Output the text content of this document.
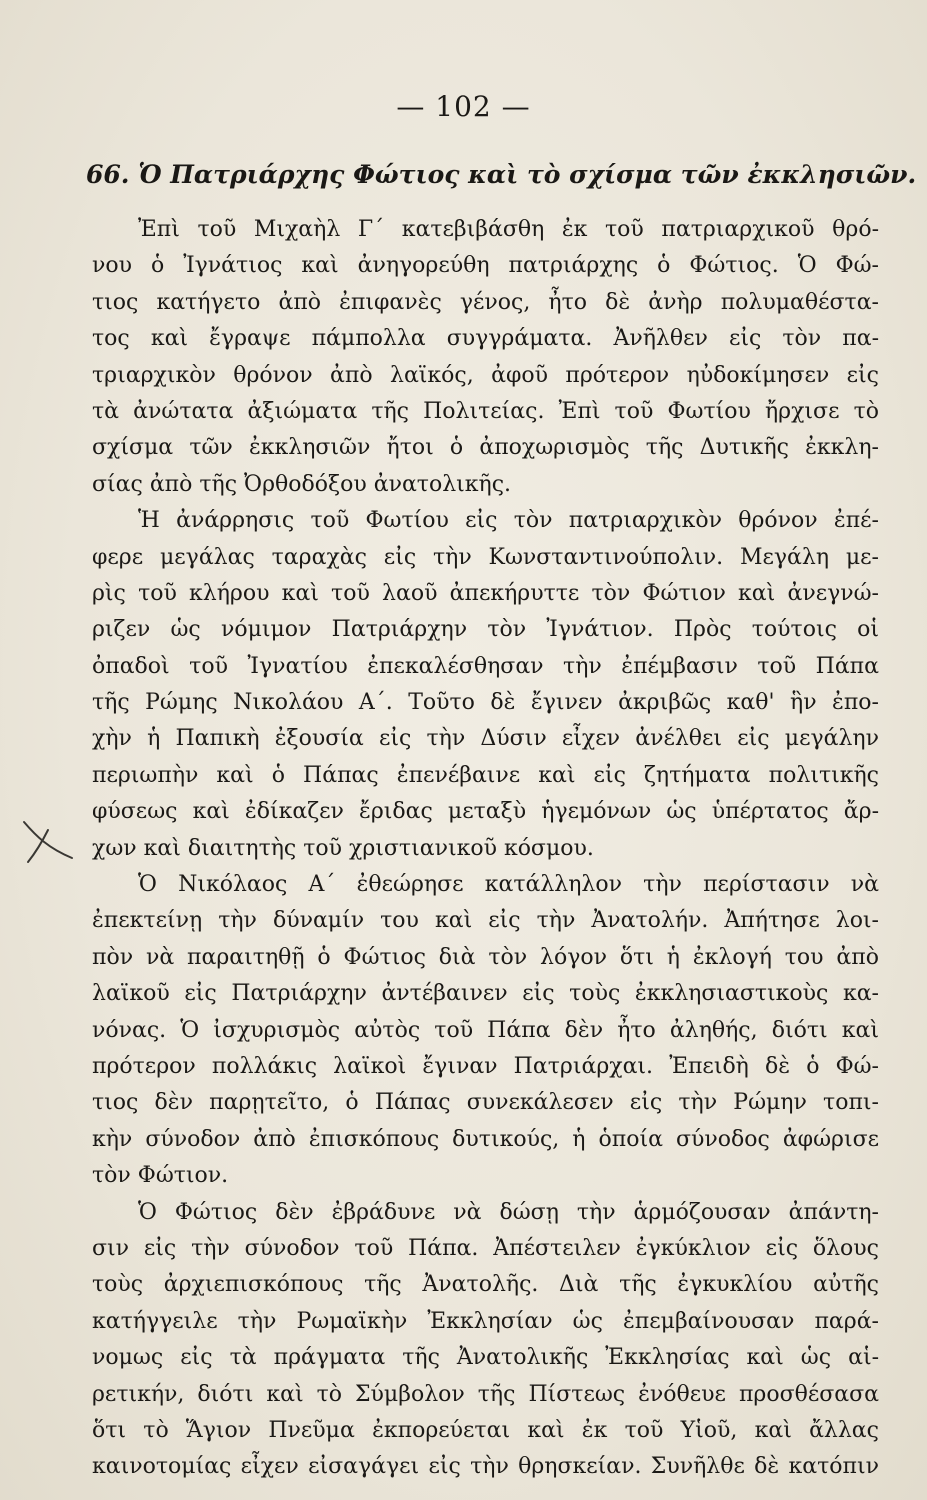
— 102 —
66. Ὁ Πατριάρχης Φώτιος καὶ τὸ σχίσμα τῶν ἐκκλησιῶν.
Ἐπὶ τοῦ Μιχαὴλ Γ΄ κατεβιβάσθη ἐκ τοῦ πατριαρχικοῦ θρό-
νου ὁ Ἰγνάτιος καὶ ἀνηγορεύθη πατριάρχης ὁ Φώτιος. Ὁ Φώ-
τιος κατήγετο ἀπὸ ἐπιφανὲς γένος, ἦτο δὲ ἀνὴρ πολυμαθέστα-
τος καὶ ἔγραψε πάμπολλα συγγράματα. Ἀνῆλθεν εἰς τὸν πα-
τριαρχικὸν θρόνον ἀπὸ λαϊκός, ἀφοῦ πρότερον ηὐδοκίμησεν εἰς
τὰ ἀνώτατα ἀξιώματα τῆς Πολιτείας. Ἐπὶ τοῦ Φωτίου ἤρχισε τὸ
σχίσμα τῶν ἐκκλησιῶν ἤτοι ὁ ἀποχωρισμὸς τῆς Δυτικῆς ἐκκλη-
σίας ἀπὸ τῆς Ὀρθοδόξου ἀνατολικῆς.
Ἡ ἀνάρρησις τοῦ Φωτίου εἰς τὸν πατριαρχικὸν θρόνον ἐπέ-
φερε μεγάλας ταραχὰς εἰς τὴν Κωνσταντινούπολιν. Μεγάλη με-
ρὶς τοῦ κλήρου καὶ τοῦ λαοῦ ἀπεκήρυττε τὸν Φώτιον καὶ ἀνεγνώ-
ριζεν ὡς νόμιμον Πατριάρχην τὸν Ἰγνάτιον. Πρὸς τούτοις οἱ
ὀπαδοὶ τοῦ Ἰγνατίου ἐπεκαλέσθησαν τὴν ἐπέμβασιν τοῦ Πάπα
τῆς Ρώμης Νικολάου Α΄. Τοῦτο δὲ ἔγινεν ἀκριβῶς καθ' ἣν ἐπο-
χὴν ἡ Παπικὴ ἐξουσία εἰς τὴν Δύσιν εἶχεν ἀνέλθει εἰς μεγάλην
περιωπὴν καὶ ὁ Πάπας ἐπενέβαινε καὶ εἰς ζητήματα πολιτικῆς
φύσεως καὶ ἐδίκαζεν ἔριδας μεταξὺ ἡγεμόνων ὡς ὑπέρτατος ἄρ-
χων καὶ διαιτητὴς τοῦ χριστιανικοῦ κόσμου.
Ὁ Νικόλαος Α΄ ἐθεώρησε κατάλληλον τὴν περίστασιν νὰ
ἐπεκτείνῃ τὴν δύναμίν του καὶ εἰς τὴν Ἀνατολήν. Ἀπήτησε λοι-
πὸν νὰ παραιτηθῇ ὁ Φώτιος διὰ τὸν λόγον ὅτι ἡ ἐκλογή του ἀπὸ
λαϊκοῦ εἰς Πατριάρχην ἀντέβαινεν εἰς τοὺς ἐκκλησιαστικοὺς κα-
νόνας. Ὁ ἰσχυρισμὸς αὐτὸς τοῦ Πάπα δὲν ἦτο ἀληθής, διότι καὶ
πρότερον πολλάκις λαϊκοὶ ἔγιναν Πατριάρχαι. Ἐπειδὴ δὲ ὁ Φώ-
τιος δὲν παρῃτεῖτο, ὁ Πάπας συνεκάλεσεν εἰς τὴν Ρώμην τοπι-
κὴν σύνοδον ἀπὸ ἐπισκόπους δυτικούς, ἡ ὁποία σύνοδος ἀφώρισε
τὸν Φώτιον.
Ὁ Φώτιος δὲν ἐβράδυνε νὰ δώσῃ τὴν ἁρμόζουσαν ἀπάντη-
σιν εἰς τὴν σύνοδον τοῦ Πάπα. Ἀπέστειλεν ἐγκύκλιον εἰς ὅλους
τοὺς ἀρχιεπισκόπους τῆς Ἀνατολῆς. Διὰ τῆς ἐγκυκλίου αὐτῆς
κατήγγειλε τὴν Ρωμαϊκὴν Ἐκκλησίαν ὡς ἐπεμβαίνουσαν παρά-
νομως εἰς τὰ πράγματα τῆς Ἀνατολικῆς Ἐκκλησίας καὶ ὡς αἱ-
ρετικήν, διότι καὶ τὸ Σύμβολον τῆς Πίστεως ἐνόθευε προσθέσασα
ὅτι τὸ Ἅγιον Πνεῦμα ἐκπορεύεται καὶ ἐκ τοῦ Υἱοῦ, καὶ ἄλλας
καινοτομίας εἶχεν εἰσαγάγει εἰς τὴν θρησκείαν. Συνῆλθε δὲ κατόπιν
